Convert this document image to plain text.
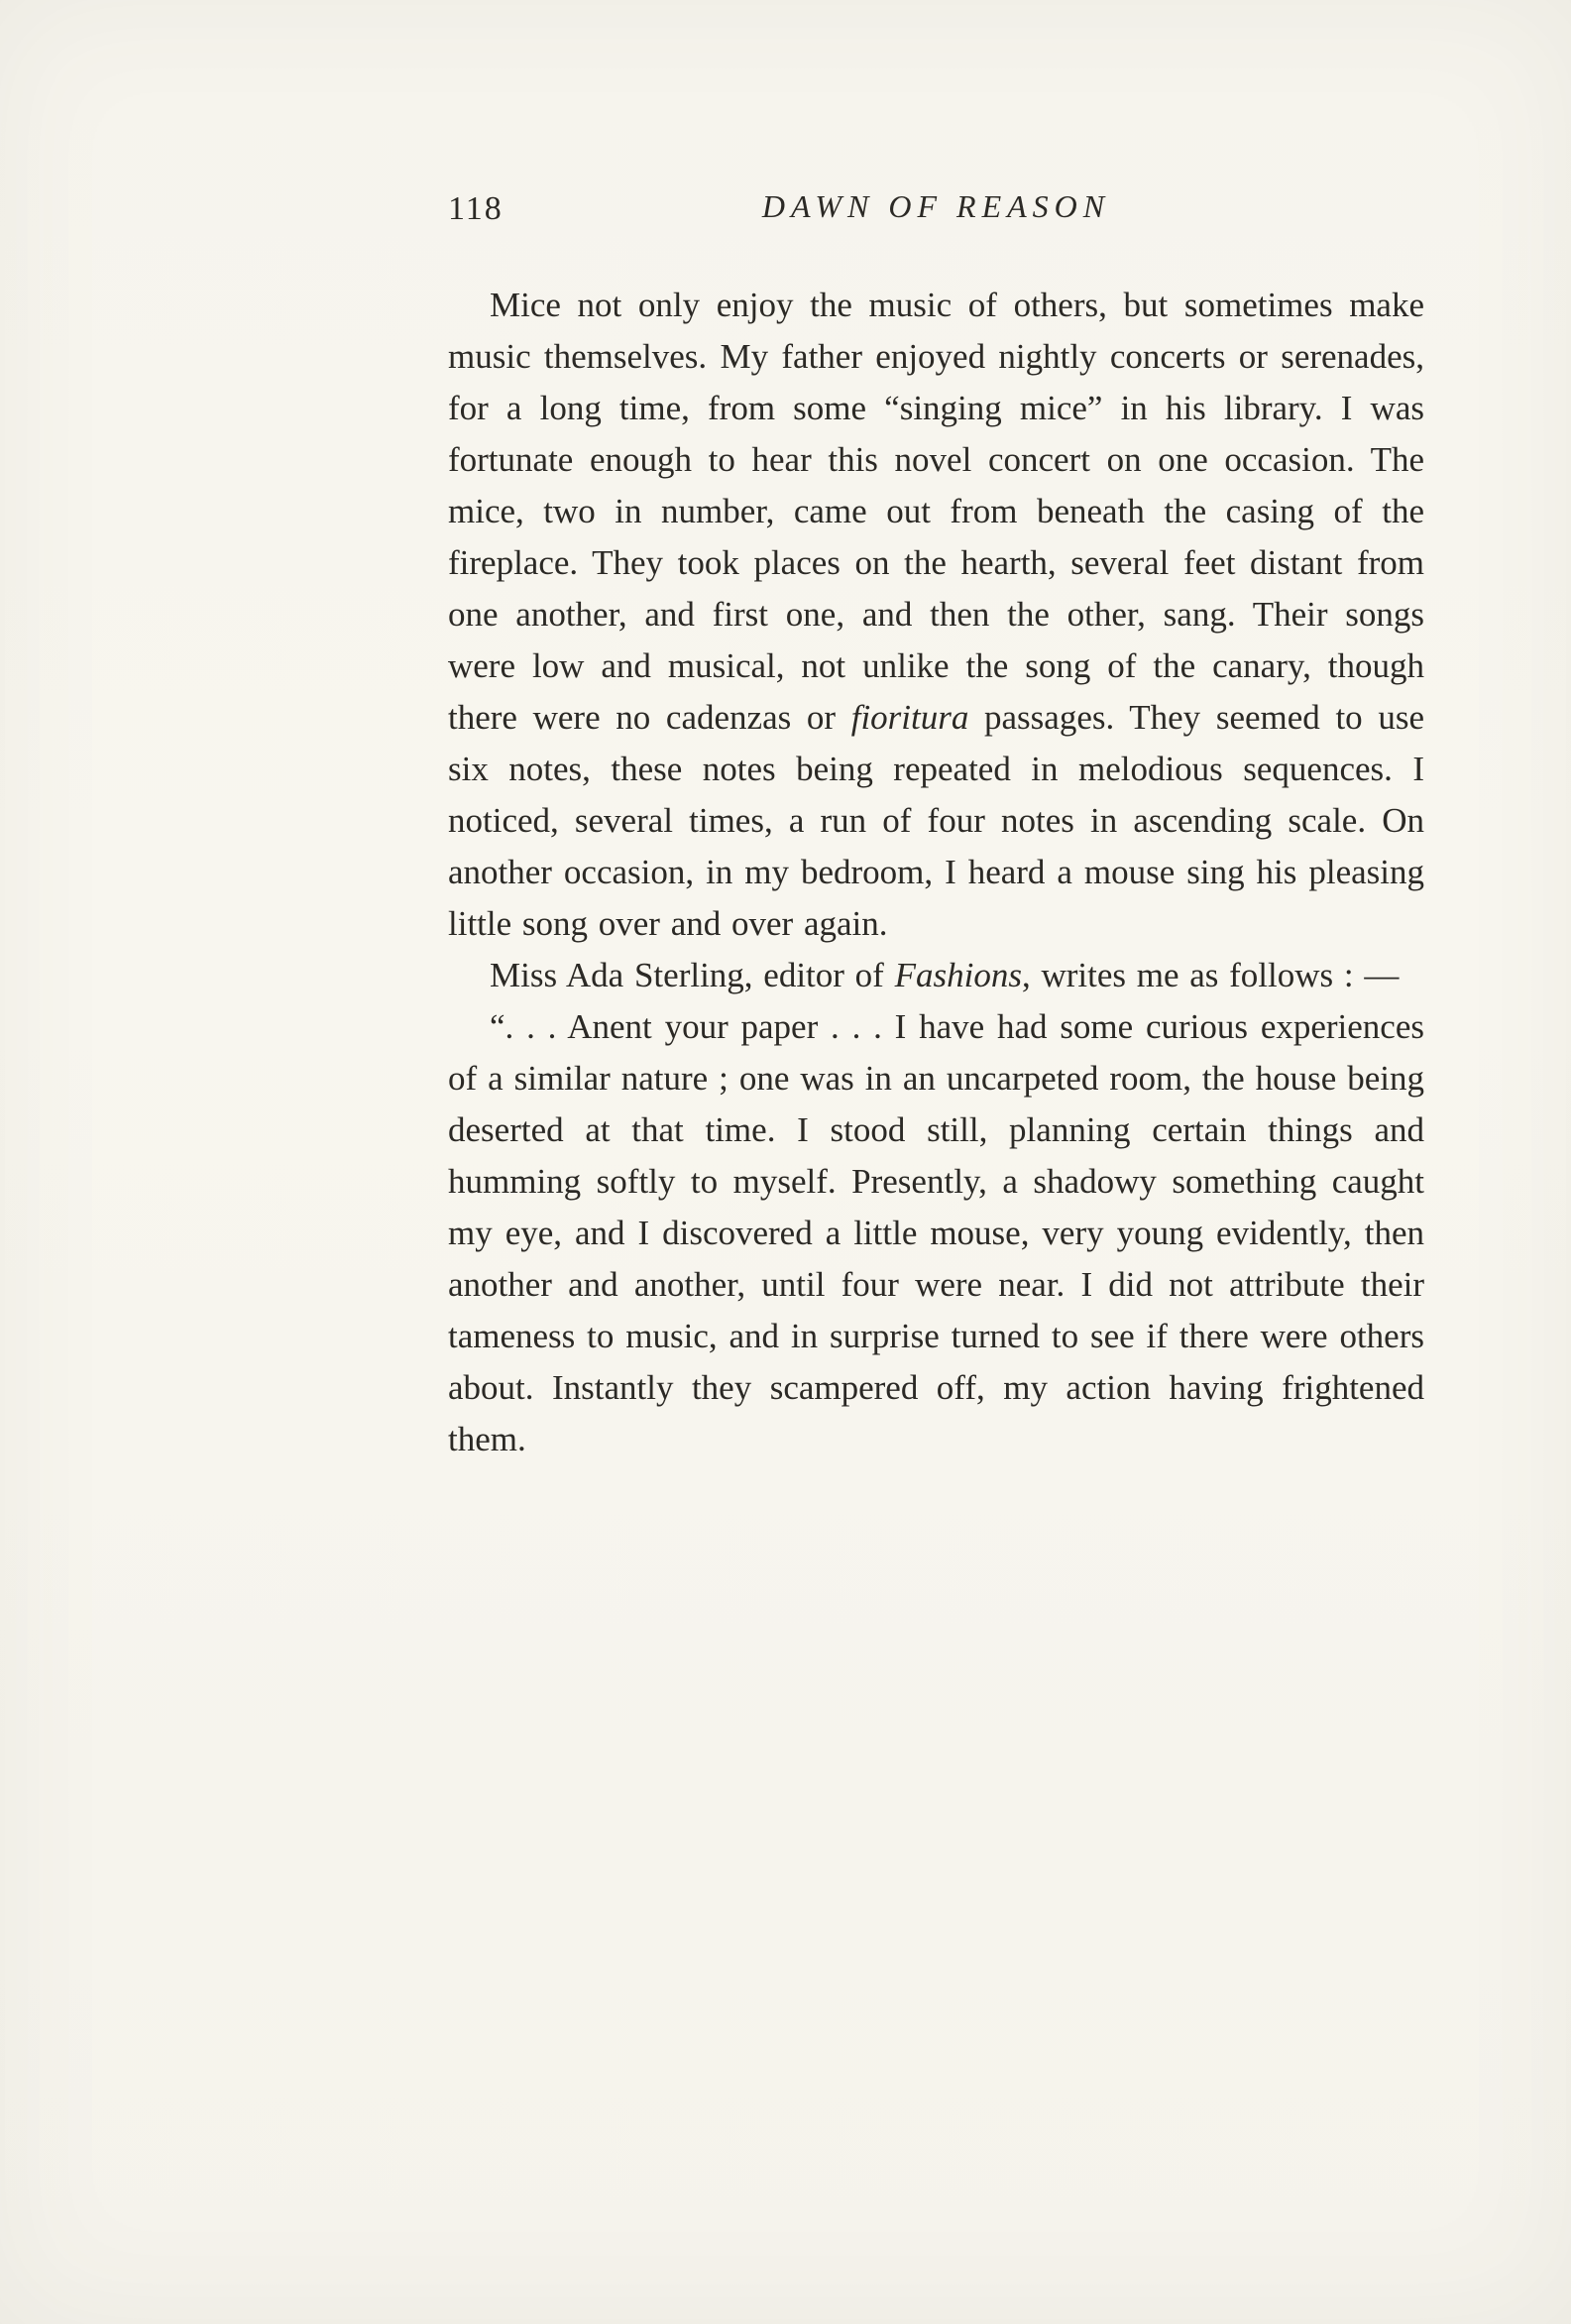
118	DAWN OF REASON

Mice not only enjoy the music of others, but sometimes make music themselves. My father enjoyed nightly concerts or serenades, for a long time, from some “singing mice” in his library. I was fortunate enough to hear this novel concert on one occasion. The mice, two in number, came out from beneath the casing of the fireplace. They took places on the hearth, several feet distant from one another, and first one, and then the other, sang. Their songs were low and musical, not unlike the song of the canary, though there were no cadenzas or fioritura passages. They seemed to use six notes, these notes being repeated in melodious sequences. I noticed, several times, a run of four notes in ascending scale. On another occasion, in my bedroom, I heard a mouse sing his pleasing little song over and over again.

Miss Ada Sterling, editor of Fashions, writes me as follows : —

“. . . Anent your paper . . . I have had some curious experiences of a similar nature ; one was in an uncarpeted room, the house being deserted at that time. I stood still, planning certain things and humming softly to myself. Presently, a shadowy something caught my eye, and I discovered a little mouse, very young evidently, then another and another, until four were near. I did not attribute their tameness to music, and in surprise turned to see if there were others about. Instantly they scampered off, my action having frightened them.
